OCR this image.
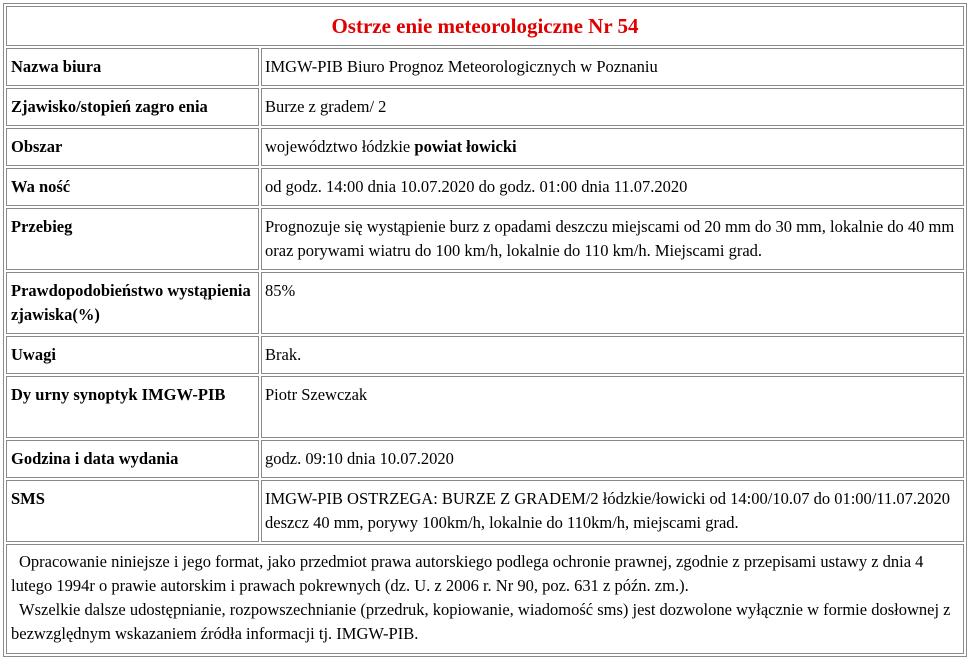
Ostrze enie meteorologiczne Nr 54
Nazwa biura	IMGW-PIB Biuro Prognoz Meteorologicznych w Poznaniu
Zjawisko/stopień zagro enia	Burze z gradem/ 2
Obszar	województwo łódzkie powiat łowicki
Wa ność	od godz. 14:00 dnia 10.07.2020 do godz. 01:00 dnia 11.07.2020
Przebieg	Prognozuje się wystąpienie burz z opadami deszczu miejscami od 20 mm do 30 mm, lokalnie do 40 mm oraz porywami wiatru do 100 km/h, lokalnie do 110 km/h. Miejscami grad.
Prawdopodobieństwo wystąpienia zjawiska(%)	85%
Uwagi	Brak.
Dy urny synoptyk IMGW-PIB	Piotr Szewczak
Godzina i data wydania	godz. 09:10 dnia 10.07.2020
SMS	IMGW-PIB OSTRZEGA: BURZE Z GRADEM/2 łódzkie/łowicki od 14:00/10.07 do 01:00/11.07.2020 deszcz 40 mm, porywy 100km/h, lokalnie do 110km/h, miejscami grad.

Opracowanie niniejsze i jego format, jako przedmiot prawa autorskiego podlega ochronie prawnej, zgodnie z przepisami ustawy z dnia 4 lutego 1994r o prawie autorskim i prawach pokrewnych (dz. U. z 2006 r. Nr 90, poz. 631 z późn. zm.).

Wszelkie dalsze udostępnianie, rozpowszechnianie (przedruk, kopiowanie, wiadomość sms) jest dozwolone wyłącznie w formie dosłownej z bezwzględnym wskazaniem źródła informacji tj. IMGW-PIB.
